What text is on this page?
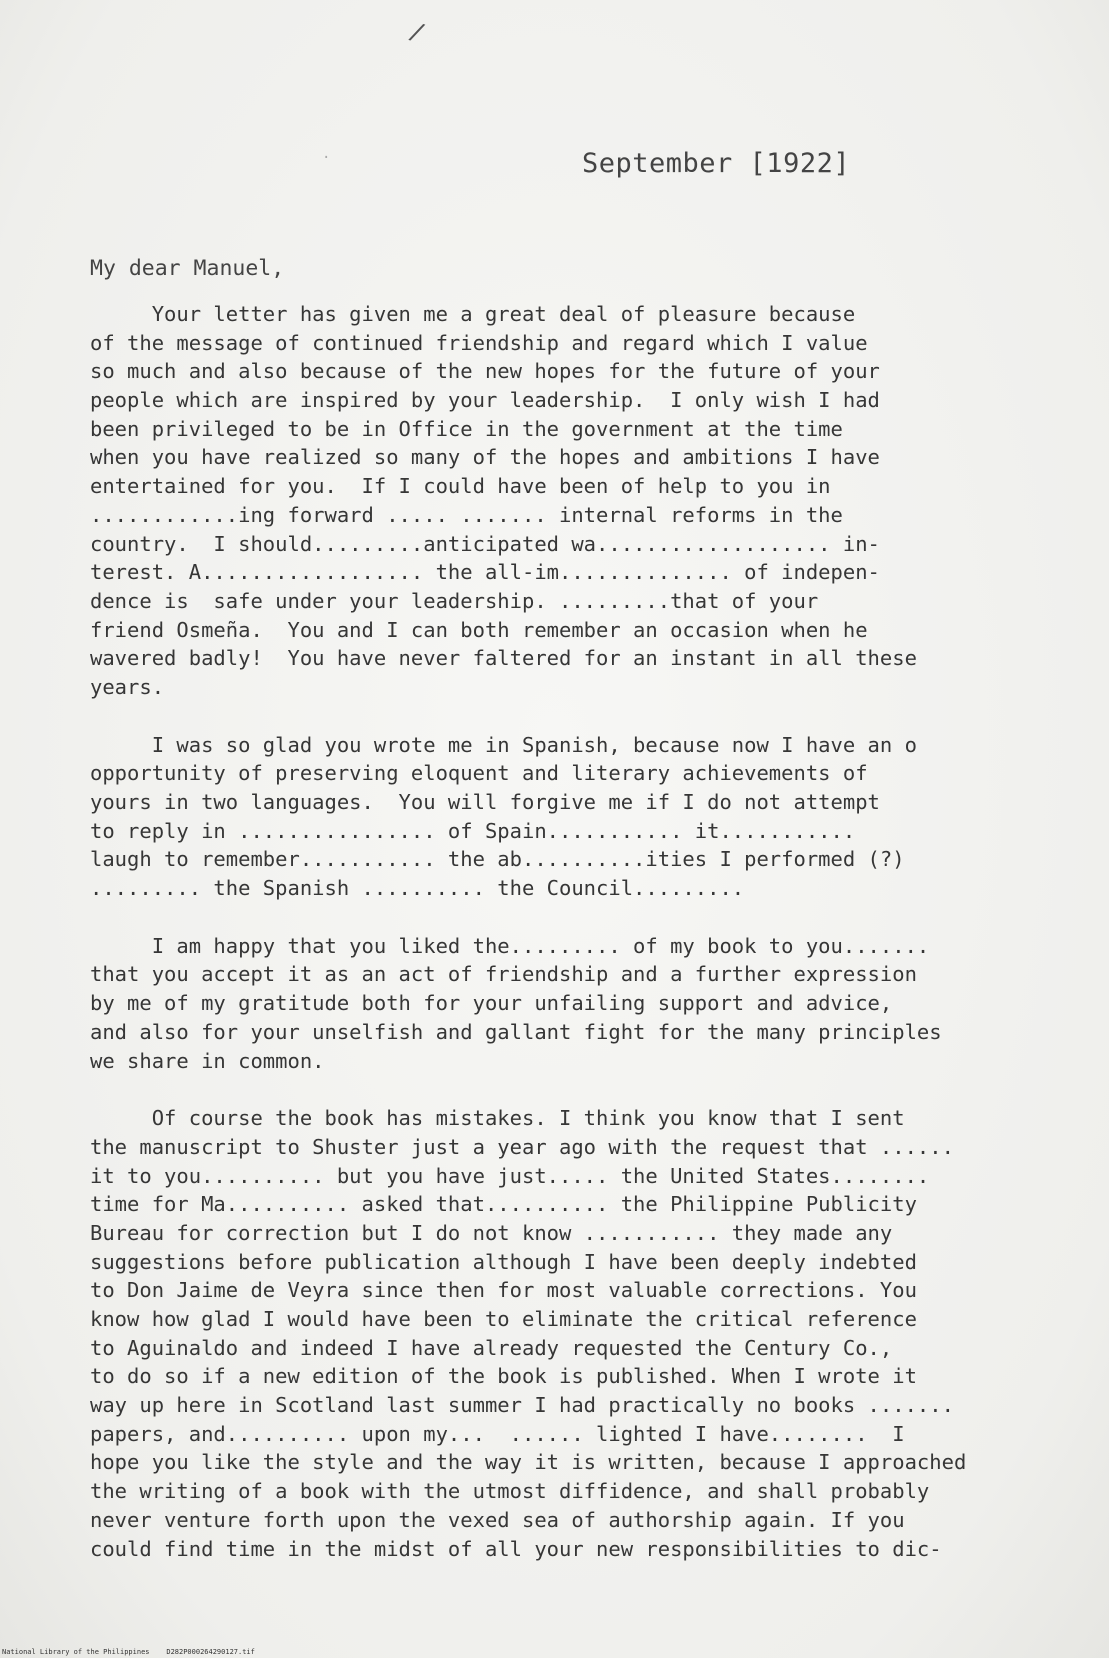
/
·	September [1922]
My dear Manuel,
Your letter has given me a great deal of pleasure because
of the message of continued friendship and regard which I value
so much and also because of the new hopes for the future of your
people which are inspired by your leadership.  I only wish I had
been privileged to be in Office in the government at the time
when you have realized so many of the hopes and ambitions I have
entertained for you.  If I could have been of help to you in
............ing forward ..... ....... internal reforms in the
country.  I should.........anticipated wa................... in-
terest. A.................. the all-im.............. of indepen-
dence is  safe under your leadership. .........that of your
friend Osmeña.  You and I can both remember an occasion when he
wavered badly!  You have never faltered for an instant in all these
years.
I was so glad you wrote me in Spanish, because now I have an o
opportunity of preserving eloquent and literary achievements of
yours in two languages.  You will forgive me if I do not attempt
to reply in ................ of Spain........... it...........
laugh to remember........... the ab..........ities I performed (?)
......... the Spanish .......... the Council.........
I am happy that you liked the......... of my book to you.......
that you accept it as an act of friendship and a further expression
by me of my gratitude both for your unfailing support and advice,
and also for your unselfish and gallant fight for the many principles
we share in common.
Of course the book has mistakes. I think you know that I sent
the manuscript to Shuster just a year ago with the request that ......
it to you.......... but you have just..... the United States........
time for Ma.......... asked that.......... the Philippine Publicity
Bureau for correction but I do not know ........... they made any
suggestions before publication although I have been deeply indebted
to Don Jaime de Veyra since then for most valuable corrections. You
know how glad I would have been to eliminate the critical reference
to Aguinaldo and indeed I have already requested the Century Co.,
to do so if a new edition of the book is published. When I wrote it
way up here in Scotland last summer I had practically no books .......
papers, and.......... upon my...  ...... lighted I have........  I
hope you like the style and the way it is written, because I approached
the writing of a book with the utmost diffidence, and shall probably
never venture forth upon the vexed sea of authorship again. If you
could find time in the midst of all your new responsibilities to dic-
National Library of the Philippines    D282P000264290127.tif
